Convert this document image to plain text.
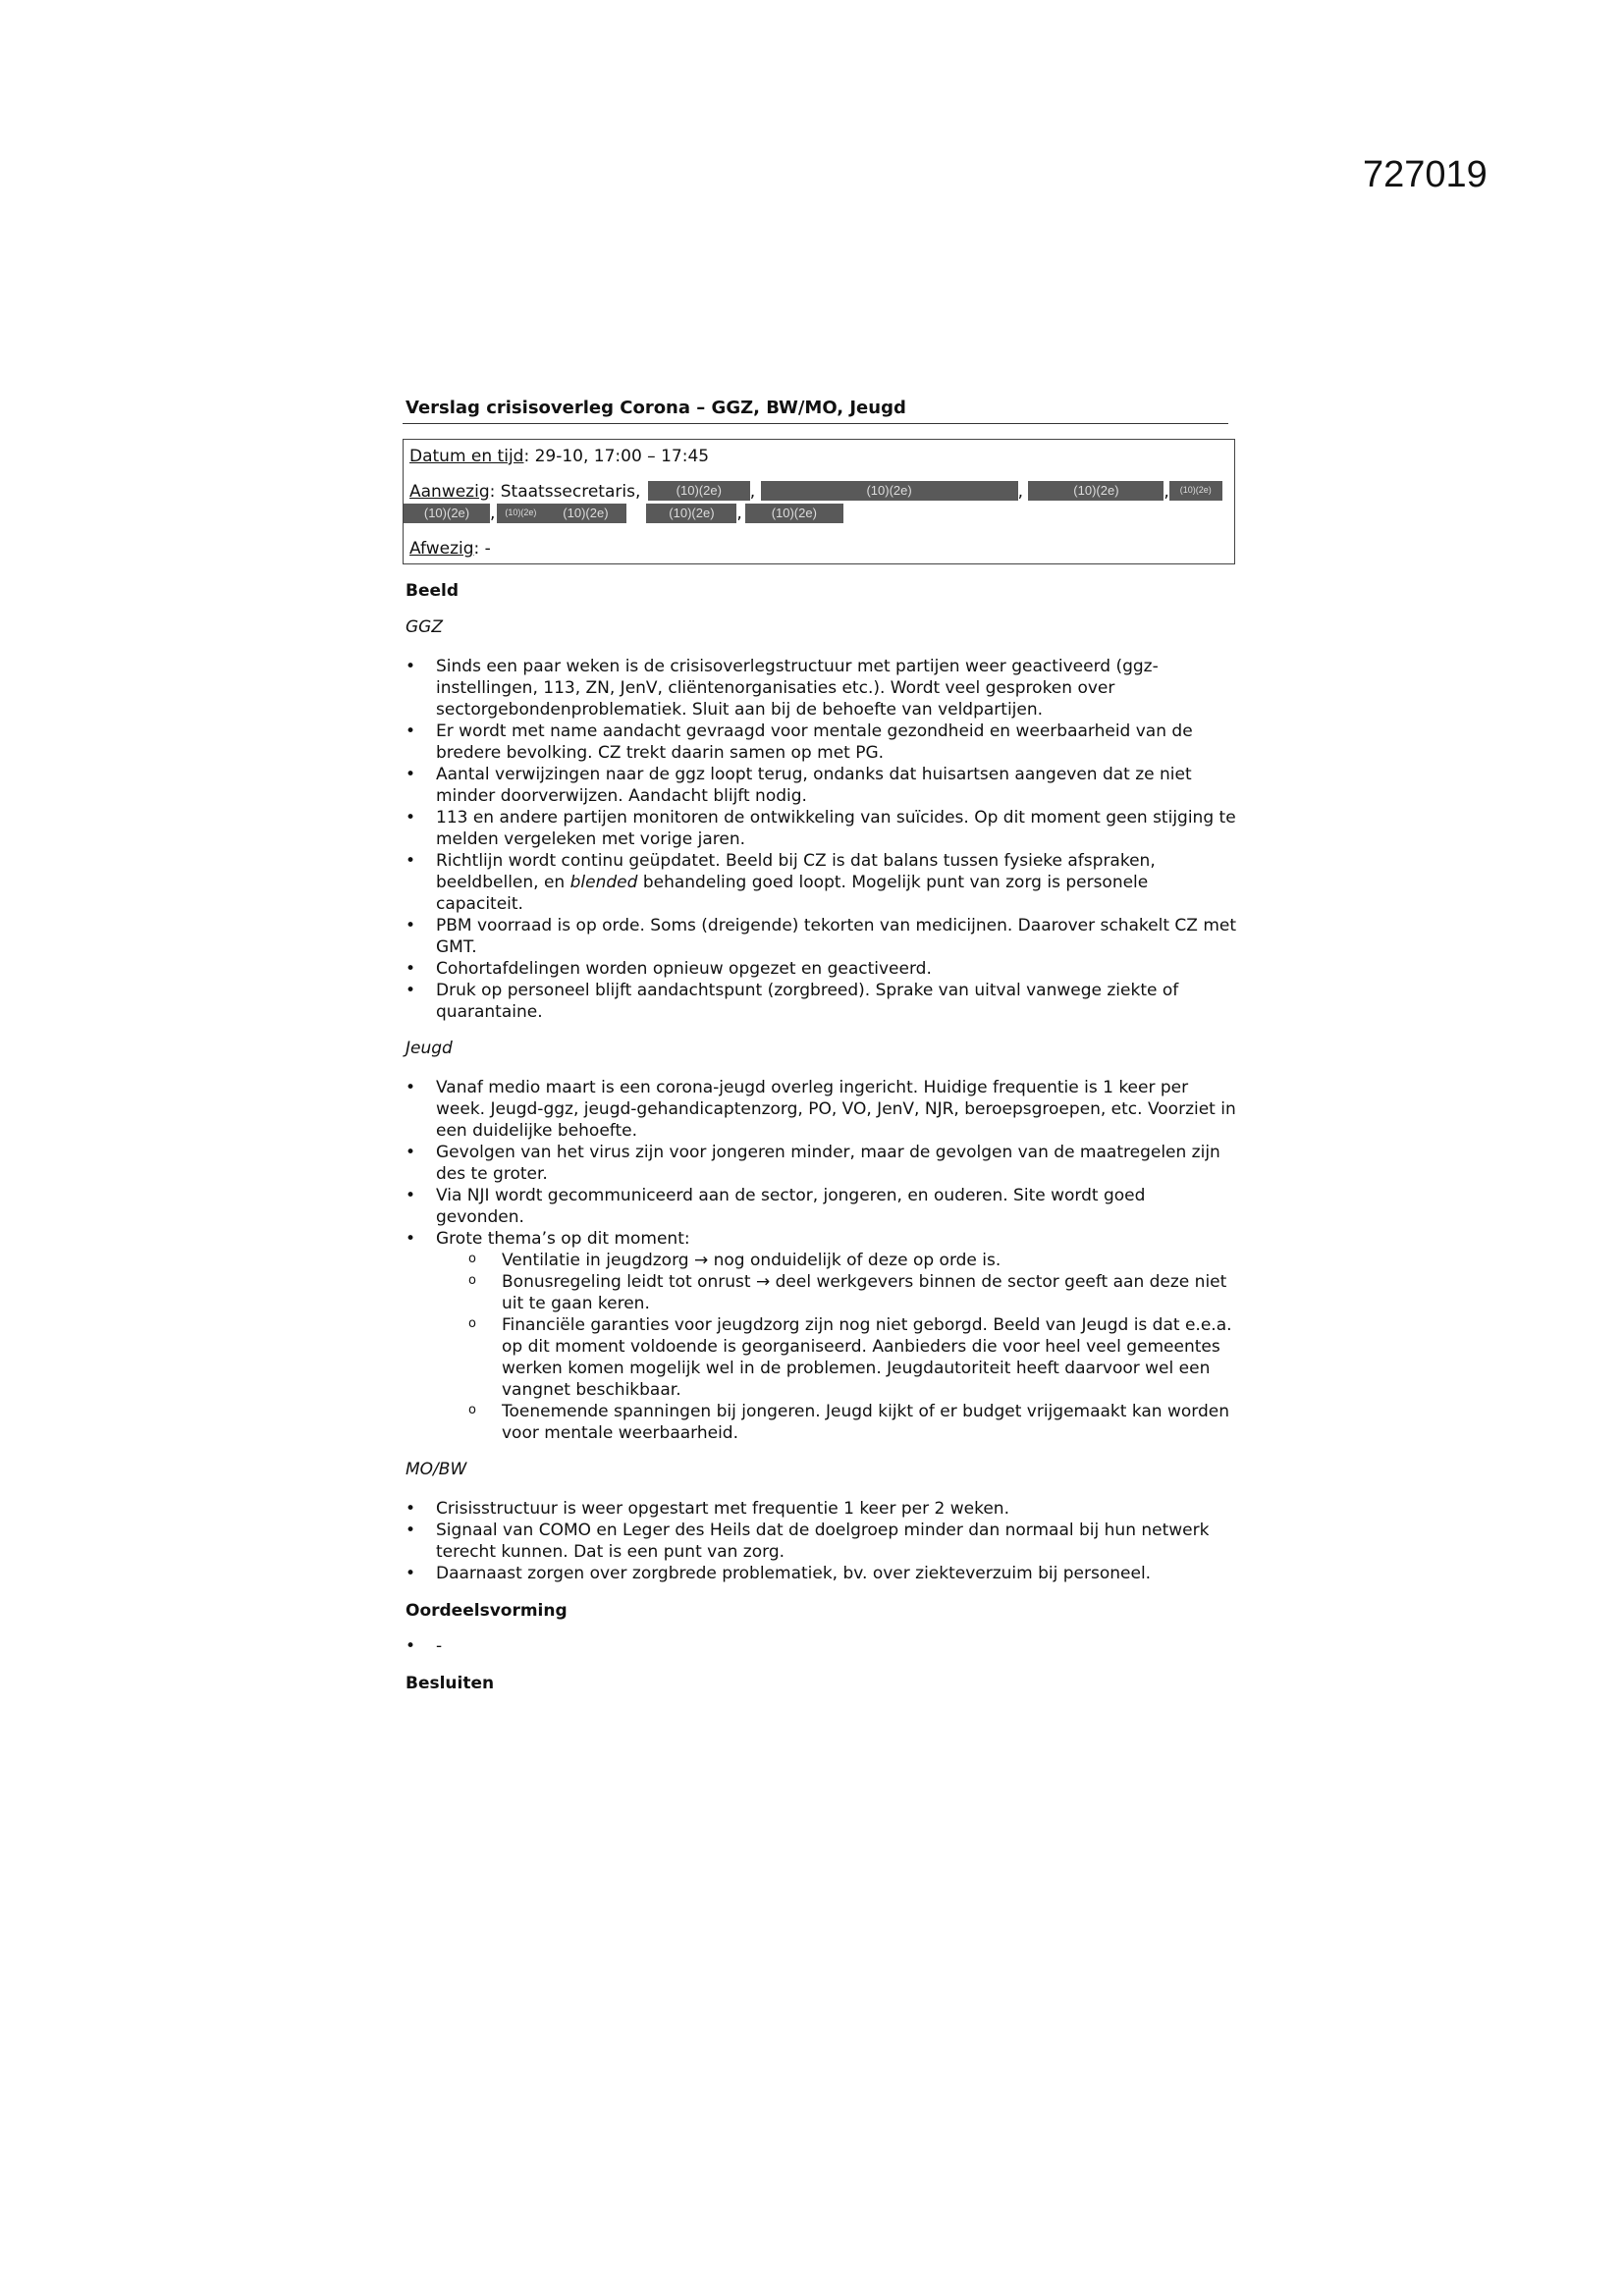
727019
Verslag crisisoverleg Corona – GGZ, BW/MO, Jeugd
Datum en tijd: 29-10, 17:00 – 17:45
Aanwezig: Staatssecretaris,	(10)(2e) ,	(10)(2e)	,	(10)(2e)	, (10)(2e)
(10)(2e)	,	(10)(2e)	(10)(2e)	(10)(2e)	,	(10)(2e)
Afwezig: -
Beeld
GGZ
• Sinds een paar weken is de crisisoverlegstructuur met partijen weer geactiveerd (ggz-instellingen, 113, ZN, JenV, cliëntenorganisaties etc.). Wordt veel gesproken over sectorgebondenproblematiek. Sluit aan bij de behoefte van veldpartijen.
• Er wordt met name aandacht gevraagd voor mentale gezondheid en weerbaarheid van de bredere bevolking. CZ trekt daarin samen op met PG.
• Aantal verwijzingen naar de ggz loopt terug, ondanks dat huisartsen aangeven dat ze niet minder doorverwijzen. Aandacht blijft nodig.
• 113 en andere partijen monitoren de ontwikkeling van suïcides. Op dit moment geen stijging te melden vergeleken met vorige jaren.
• Richtlijn wordt continu geüpdatet. Beeld bij CZ is dat balans tussen fysieke afspraken, beeldbellen, en blended behandeling goed loopt. Mogelijk punt van zorg is personele capaciteit.
• PBM voorraad is op orde. Soms (dreigende) tekorten van medicijnen. Daarover schakelt CZ met GMT.
• Cohortafdelingen worden opnieuw opgezet en geactiveerd.
• Druk op personeel blijft aandachtspunt (zorgbreed). Sprake van uitval vanwege ziekte of quarantaine.
Jeugd
• Vanaf medio maart is een corona-jeugd overleg ingericht. Huidige frequentie is 1 keer per week. Jeugd-ggz, jeugd-gehandicaptenzorg, PO, VO, JenV, NJR, beroepsgroepen, etc. Voorziet in een duidelijke behoefte.
• Gevolgen van het virus zijn voor jongeren minder, maar de gevolgen van de maatregelen zijn des te groter.
• Via NJI wordt gecommuniceerd aan de sector, jongeren, en ouderen. Site wordt goed gevonden.
• Grote thema’s op dit moment:
o Ventilatie in jeugdzorg → nog onduidelijk of deze op orde is.
o Bonusregeling leidt tot onrust → deel werkgevers binnen de sector geeft aan deze niet uit te gaan keren.
o Financiële garanties voor jeugdzorg zijn nog niet geborgd. Beeld van Jeugd is dat e.e.a. op dit moment voldoende is georganiseerd. Aanbieders die voor heel veel gemeentes werken komen mogelijk wel in de problemen. Jeugdautoriteit heeft daarvoor wel een vangnet beschikbaar.
o Toenemende spanningen bij jongeren. Jeugd kijkt of er budget vrijgemaakt kan worden voor mentale weerbaarheid.
MO/BW
• Crisisstructuur is weer opgestart met frequentie 1 keer per 2 weken.
• Signaal van COMO en Leger des Heils dat de doelgroep minder dan normaal bij hun netwerk terecht kunnen. Dat is een punt van zorg.
• Daarnaast zorgen over zorgbrede problematiek, bv. over ziekteverzuim bij personeel.
Oordeelsvorming
• -
Besluiten
